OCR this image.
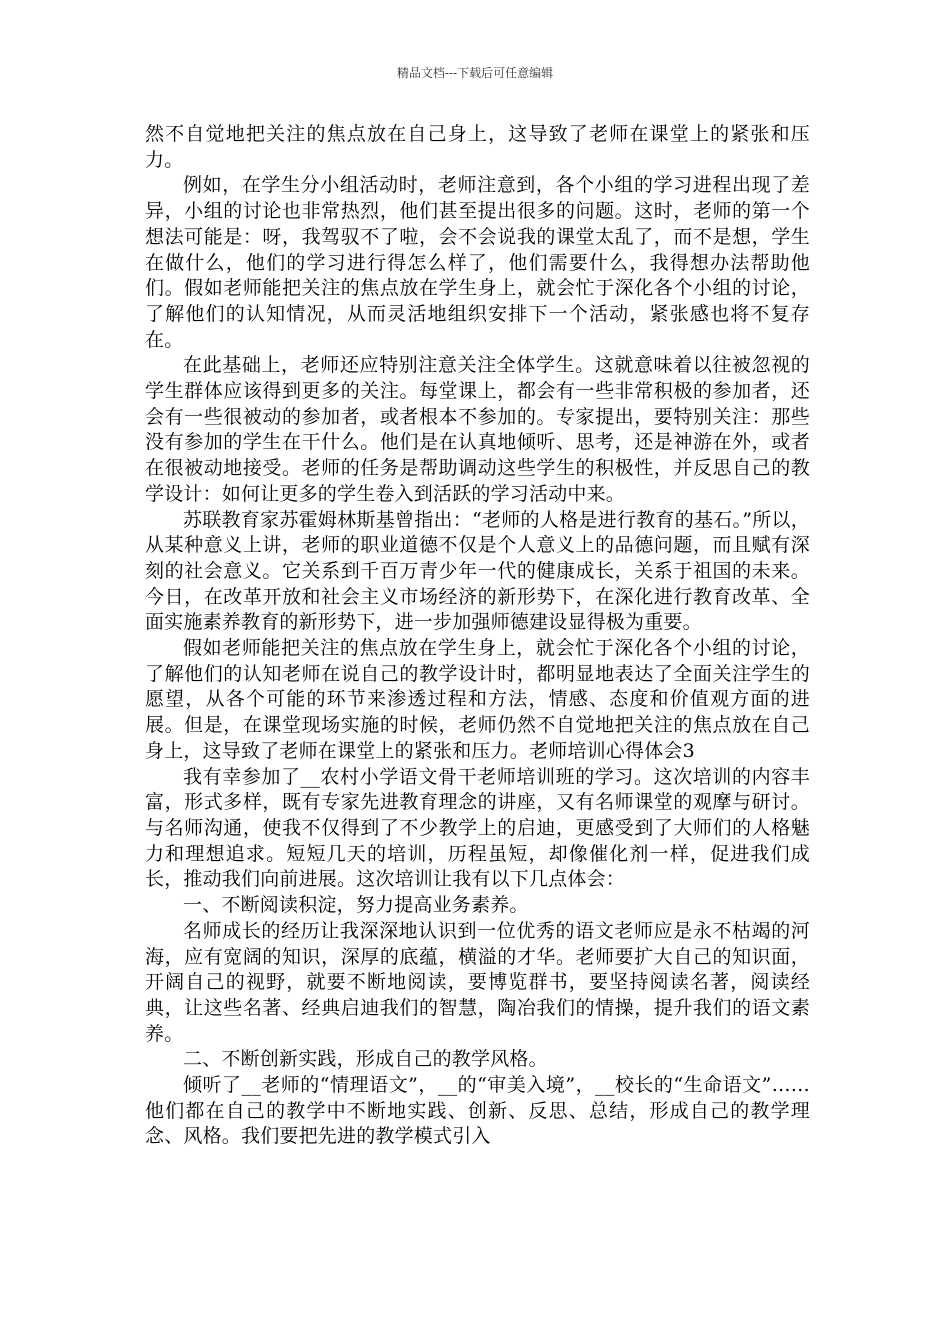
精品文档---下载后可任意编辑

然不自觉地把关注的焦点放在自己身上，这导致了老师在课堂上的紧张和压力。

例如，在学生分小组活动时，老师注意到，各个小组的学习进程出现了差异，小组的讨论也非常热烈，他们甚至提出很多的问题。这时，老师的第一个想法可能是：呀，我驾驭不了啦，会不会说我的课堂太乱了，而不是想，学生在做什么，他们的学习进行得怎么样了，他们需要什么，我得想办法帮助他们。假如老师能把关注的焦点放在学生身上，就会忙于深化各个小组的讨论，了解他们的认知情况，从而灵活地组织安排下一个活动，紧张感也将不复存在。

在此基础上，老师还应特别注意关注全体学生。这就意味着以往被忽视的学生群体应该得到更多的关注。每堂课上，都会有一些非常积极的参加者，还会有一些很被动的参加者，或者根本不参加的。专家提出，要特别关注：那些没有参加的学生在干什么。他们是在认真地倾听、思考，还是神游在外，或者在很被动地接受。老师的任务是帮助调动这些学生的积极性，并反思自己的教学设计：如何让更多的学生卷入到活跃的学习活动中来。

苏联教育家苏霍姆林斯基曾指出：“老师的人格是进行教育的基石。”所以，从某种意义上讲，老师的职业道德不仅是个人意义上的品德问题，而且赋有深刻的社会意义。它关系到千百万青少年一代的健康成长，关系于祖国的未来。今日，在改革开放和社会主义市场经济的新形势下，在深化进行教育改革、全面实施素养教育的新形势下，进一步加强师德建设显得极为重要。

假如老师能把关注的焦点放在学生身上，就会忙于深化各个小组的讨论，了解他们的认知老师在说自己的教学设计时，都明显地表达了全面关注学生的愿望，从各个可能的环节来渗透过程和方法，情感、态度和价值观方面的进展。但是，在课堂现场实施的时候，老师仍然不自觉地把关注的焦点放在自己身上，这导致了老师在课堂上的紧张和压力。老师培训心得体会3

我有幸参加了__农村小学语文骨干老师培训班的学习。这次培训的内容丰富，形式多样，既有专家先进教育理念的讲座，又有名师课堂的观摩与研讨。与名师沟通，使我不仅得到了不少教学上的启迪，更感受到了大师们的人格魅力和理想追求。短短几天的培训，历程虽短，却像催化剂一样，促进我们成长，推动我们向前进展。这次培训让我有以下几点体会：

一、不断阅读积淀，努力提高业务素养。

名师成长的经历让我深深地认识到一位优秀的语文老师应是永不枯竭的河海，应有宽阔的知识，深厚的底蕴，横溢的才华。老师要扩大自己的知识面，开阔自己的视野，就要不断地阅读，要博览群书，要坚持阅读名著，阅读经典，让这些名著、经典启迪我们的智慧，陶冶我们的情操，提升我们的语文素养。

二、不断创新实践，形成自己的教学风格。

倾听了__老师的“情理语文”，__的“审美入境”，__校长的“生命语文”……他们都在自己的教学中不断地实践、创新、反思、总结，形成自己的教学理念、风格。我们要把先进的教学模式引入
